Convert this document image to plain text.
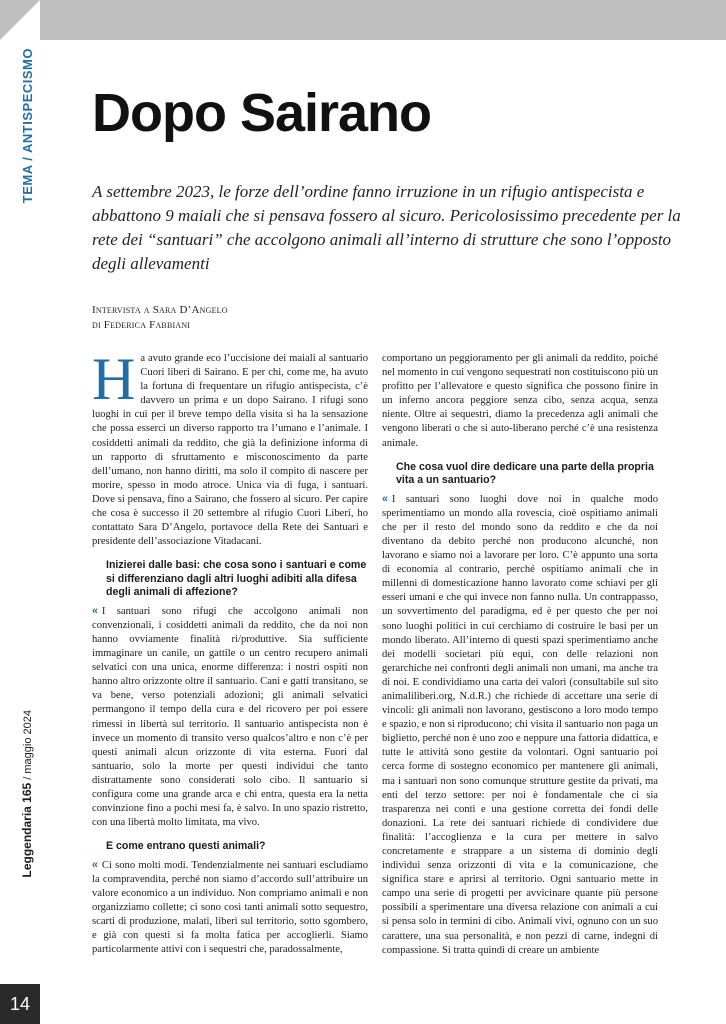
TEMA / ANTISPECISMO
Leggendaria 165 / maggio 2024
14
Dopo Sairano

A settembre 2023, le forze dell’ordine fanno irruzione in un rifugio antispecista e abbattono 9 maiali che si pensava fossero al sicuro. Pericolosissimo precedente per la rete dei “santuari” che accolgono animali all’interno di strutture che sono l’opposto degli allevamenti

Intervista a Sara D’Angelo
di Federica Fabbiani

Ha avuto grande eco l’uccisione dei maiali al santuario Cuori liberi di Sairano. E per chi, come me, ha avuto la fortuna di frequentare un rifugio antispecista, c’è davvero un prima e un dopo Sairano. I rifugi sono luoghi in cui per il breve tempo della visita si ha la sensazione che possa esserci un diverso rapporto tra l’umano e l’animale. I cosiddetti animali da reddito, che già la definizione informa di un rapporto di sfruttamento e misconoscimento da parte dell’umano, non hanno diritti, ma solo il compito di nascere per morire, spesso in modo atroce. Unica via di fuga, i santuari. Dove si pensava, fino a Sairano, che fossero al sicuro. Per capire che cosa è successo il 20 settembre al rifugio Cuori Liberi, ho contattato Sara D’Angelo, portavoce della Rete dei Santuari e presidente dell’associazione Vitadacani.

Inizierei dalle basi: che cosa sono i santuari e come si differenziano dagli altri luoghi adibiti alla difesa degli animali di affezione?

« I santuari sono rifugi che accolgono animali non convenzionali, i cosiddetti animali da reddito, che da noi non hanno ovviamente finalità ri/produttive. Sia sufficiente immaginare un canile, un gattile o un centro recupero animali selvatici con una unica, enorme differenza: i nostri ospiti non hanno altro orizzonte oltre il santuario. Cani e gatti transitano, se va bene, verso potenziali adozioni; gli animali selvatici permangono il tempo della cura e del ricovero per poi essere rimessi in libertà sul territorio. Il santuario antispecista non è invece un momento di transito verso qualcos’altro e non c’è per questi animali alcun orizzonte di vita esterna. Fuori dal santuario, solo la morte per questi individui che tanto distrattamente sono considerati solo cibo. Il santuario si configura come una grande arca e chi entra, questa era la netta convinzione fino a pochi mesi fa, è salvo. In uno spazio ristretto, con una libertà molto limitata, ma vivo.

E come entrano questi animali?

« Ci sono molti modi. Tendenzialmente nei santuari escludiamo la compravendita, perché non siamo d’accordo sull’attribuire un valore economico a un individuo. Non compriamo animali e non organizziamo collette; ci sono così tanti animali sotto sequestro, scarti di produzione, malati, liberi sul territorio, sotto sgombero, e già con questi si fa molta fatica per accoglierli. Siamo particolarmente attivi con i sequestri che, paradossalmente,

comportano un peggioramento per gli animali da reddito, poiché nel momento in cui vengono sequestrati non costituiscono più un profitto per l’allevatore e questo significa che possono finire in un inferno ancora peggiore senza cibo, senza acqua, senza niente. Oltre ai sequestri, diamo la precedenza agli animali che vengono liberati o che si auto-liberano perché c’è una resistenza animale.

Che cosa vuol dire dedicare una parte della propria vita a un santuario?

« I santuari sono luoghi dove noi in qualche modo sperimentiamo un mondo alla rovescia, cioè ospitiamo animali che per il resto del mondo sono da reddito e che da noi diventano da debito perché non producono alcunché, non lavorano e siamo noi a lavorare per loro. C’è appunto una sorta di economia al contrario, perché ospitiamo animali che in millenni di domesticazione hanno lavorato come schiavi per gli esseri umani e che qui invece non fanno nulla. Un contrappasso, un sovvertimento del paradigma, ed è per questo che per noi sono luoghi politici in cui cerchiamo di costruire le basi per un mondo liberato. All’interno di questi spazi sperimentiamo anche dei modelli societari più equi, con delle relazioni non gerarchiche nei confronti degli animali non umani, ma anche tra di noi. E condividiamo una carta dei valori (consultabile sul sito animaliliberi.org, N.d.R.) che richiede di accettare una serie di vincoli: gli animali non lavorano, gestiscono a loro modo tempo e spazio, e non si riproducono; chi visita il santuario non paga un biglietto, perché non è uno zoo e neppure una fattoria didattica, e tutte le attività sono gestite da volontari. Ogni santuario poi cerca forme di sostegno economico per mantenere gli animali, ma i santuari non sono comunque strutture gestite da privati, ma enti del terzo settore: per noi è fondamentale che ci sia trasparenza nei conti e una gestione corretta dei fondi delle donazioni. La rete dei santuari richiede di condividere due finalità: l’accoglienza e la cura per mettere in salvo concretamente e strappare a un sistema di dominio degli individui senza orizzonti di vita e la comunicazione, che significa stare e aprirsi al territorio. Ogni santuario mette in campo una serie di progetti per avvicinare quante più persone possibili a sperimentare una diversa relazione con animali a cui si pensa solo in termini di cibo. Animali vivi, ognuno con un suo carattere, una sua personalità, e non pezzi di carne, indegni di compassione. Si tratta quindi di creare un ambiente
